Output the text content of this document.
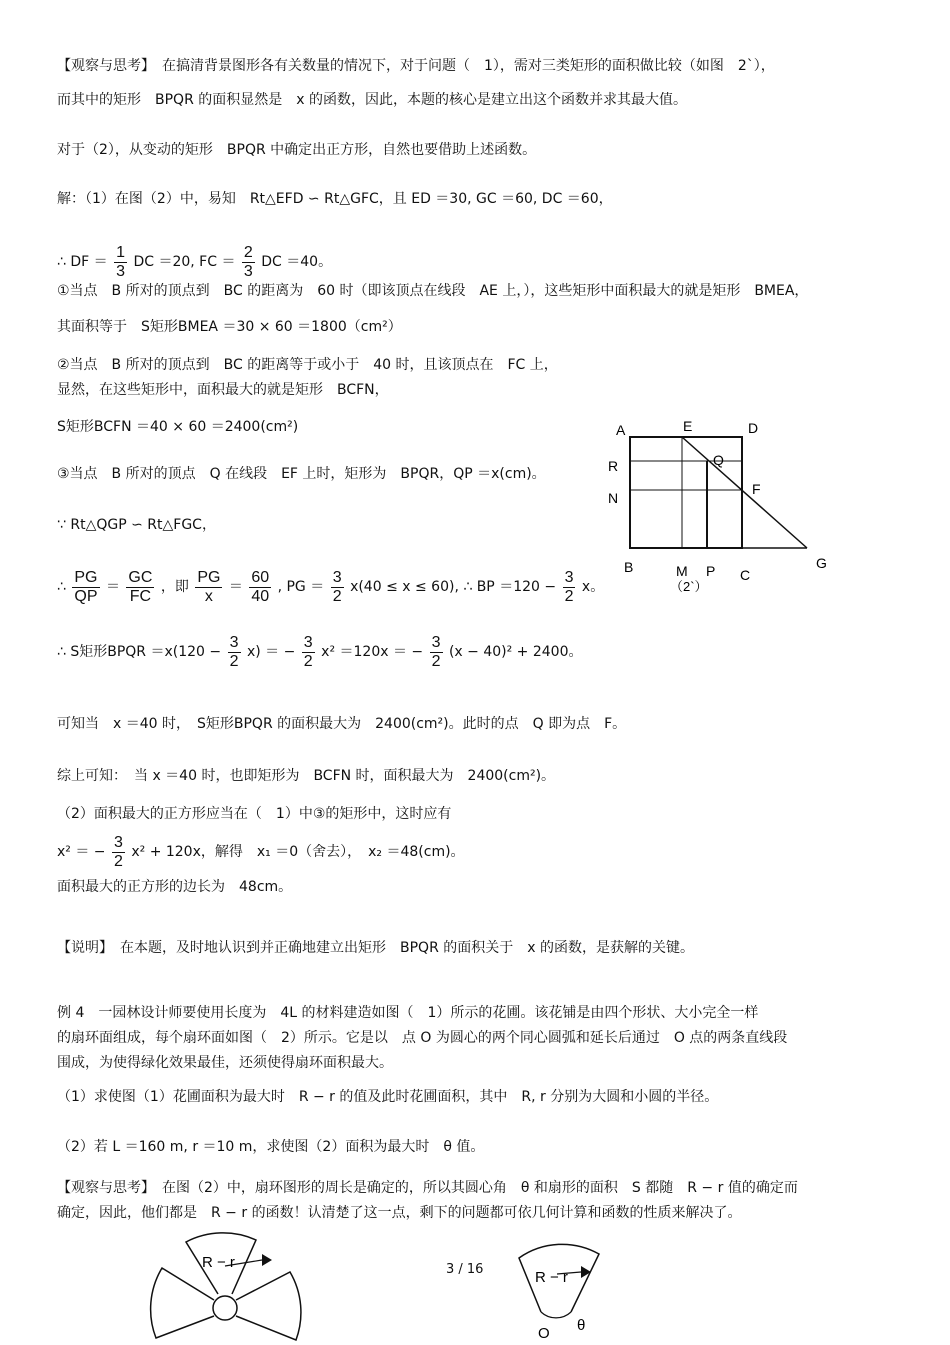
【观察与思考】　在搞清背景图形各有关数量的情况下，对于问题（　1），需对三类矩形的面积做比较（如图　2`），
而其中的矩形　BPQR 的面积显然是　x 的函数，因此，本题的核心是建立出这个函数并求其最大值。
对于（2），从变动的矩形　BPQR 中确定出正方形，自然也要借助上述函数。
解：（1）在图（2）中，易知　Rt△EFD ∽ Rt△GFC，且 ED ＝30, GC ＝60, DC ＝60，
∴ DF ＝ $\frac{1}{3}$ DC ＝20, FC ＝ $\frac{2}{3}$ DC ＝40。
①当点　B 所对的顶点到　BC 的距离为　60 时（即该顶点在线段　AE 上，），这些矩形中面积最大的就是矩形　BMEA，
其面积等于　S矩形BMEA ＝30 × 60 ＝1800（cm²）
②当点　B 所对的顶点到　BC 的距离等于或小于　40 时，且该顶点在　FC 上，
显然，在这些矩形中，面积最大的就是矩形　BCFN，
S矩形BCFN ＝40 × 60 ＝2400(cm²)
③当点　B 所对的顶点　Q 在线段　EF 上时，矩形为　BPQR，QP ＝x(cm)。
∵ Rt△QGP ∽ Rt△FGC，
∴ $\frac{PG}{QP} = \frac{GC}{FC}$ ，即 $\frac{PG}{x} = \frac{60}{40}$ , PG ＝ $\frac{3}{2} x(40 \le x \le 60)$, ∴ BP $=120 - \frac{3}{2}$ x。
∴ S矩形BPQR $=x(120 - \frac{3}{2} x)$ ＝ − $\frac{3}{2} x^2 =120x$ ＝ − $\frac{3}{2} (x - 40)^2 + 2400$。
可知当　x ＝40 时，　S矩形BPQR 的面积最大为　2400(cm²)。此时的点　Q 即为点　F。
综上可知：　当 x ＝40 时，也即矩形为　BCFN 时，面积最大为　2400(cm²)。
（2）面积最大的正方形应当在（　1）中③的矩形中，这时应有
x² ＝ − $\frac{3}{2} x^2 + 120x$，解得　x₁ ＝0（舍去），　x₂ ＝48(cm)。
面积最大的正方形的边长为　48cm。
【说明】　在本题，及时地认识到并正确地建立出矩形　BPQR 的面积关于　x 的函数，是获解的关键。
例 4　一园林设计师要使用长度为　4L 的材料建造如图（　1）所示的花圃。该花铺是由四个形状、大小完全一样
的扇环面组成，每个扇环面如图（　2）所示。它是以　点 O 为圆心的两个同心圆弧和延长后通过　O 点的两条直线段
围成，为使得绿化效果最佳，还须使得扇环面积最大。
（1）求使图（1）花圃面积为最大时　R − r 的值及此时花圃面积，其中　R, r 分别为大圆和小圆的半径。
（2）若 L ＝160 m, r ＝10 m，求使图（2）面积为最大时　θ 值。
【观察与思考】　在图（2）中，扇环图形的周长是确定的，所以其圆心角　θ 和扇形的面积　S 都随　R − r 值的确定而
确定，因此，他们都是　R − r 的函数！认清楚了这一点，剩下的问题都可依几何计算和函数的性质来解决了。
A	E	D
R	Q
N
F
B	M P C
G
（2`）
R − r	3 / 16	R − r
O θ
